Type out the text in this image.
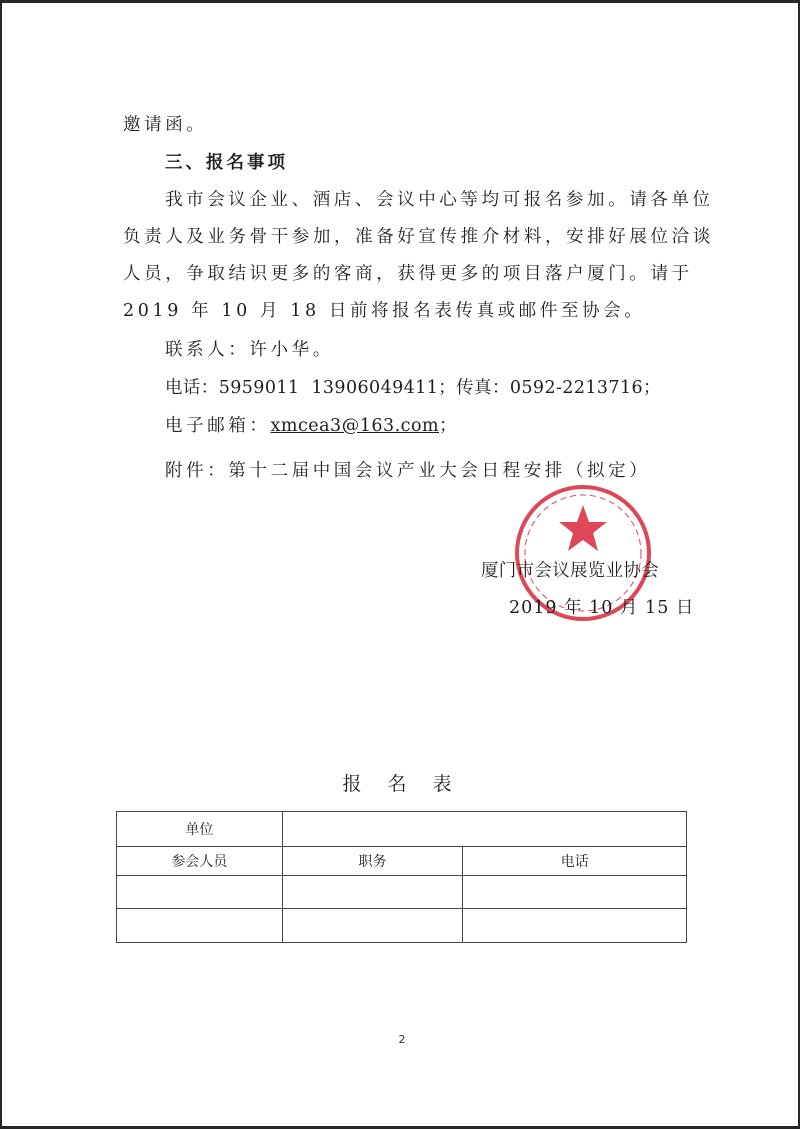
邀请函。
三、报名事项
我市会议企业、酒店、会议中心等均可报名参加。请各单位
负责人及业务骨干参加，准备好宣传推介材料，安排好展位洽谈
人员，争取结识更多的客商，获得更多的项目落户厦门。请于
2019 年 10 月 18 日前将报名表传真或邮件至协会。
联系人：许小华。
电话：5959011  13906049411；传真：0592-2213716；
电子邮箱：xmcea3@163.com；
附件：第十二届中国会议产业大会日程安排（拟定）
厦门市会议展览业协会
2019 年 10 月 15 日
报 名 表
单位		
参会人员	职务	电话

2
